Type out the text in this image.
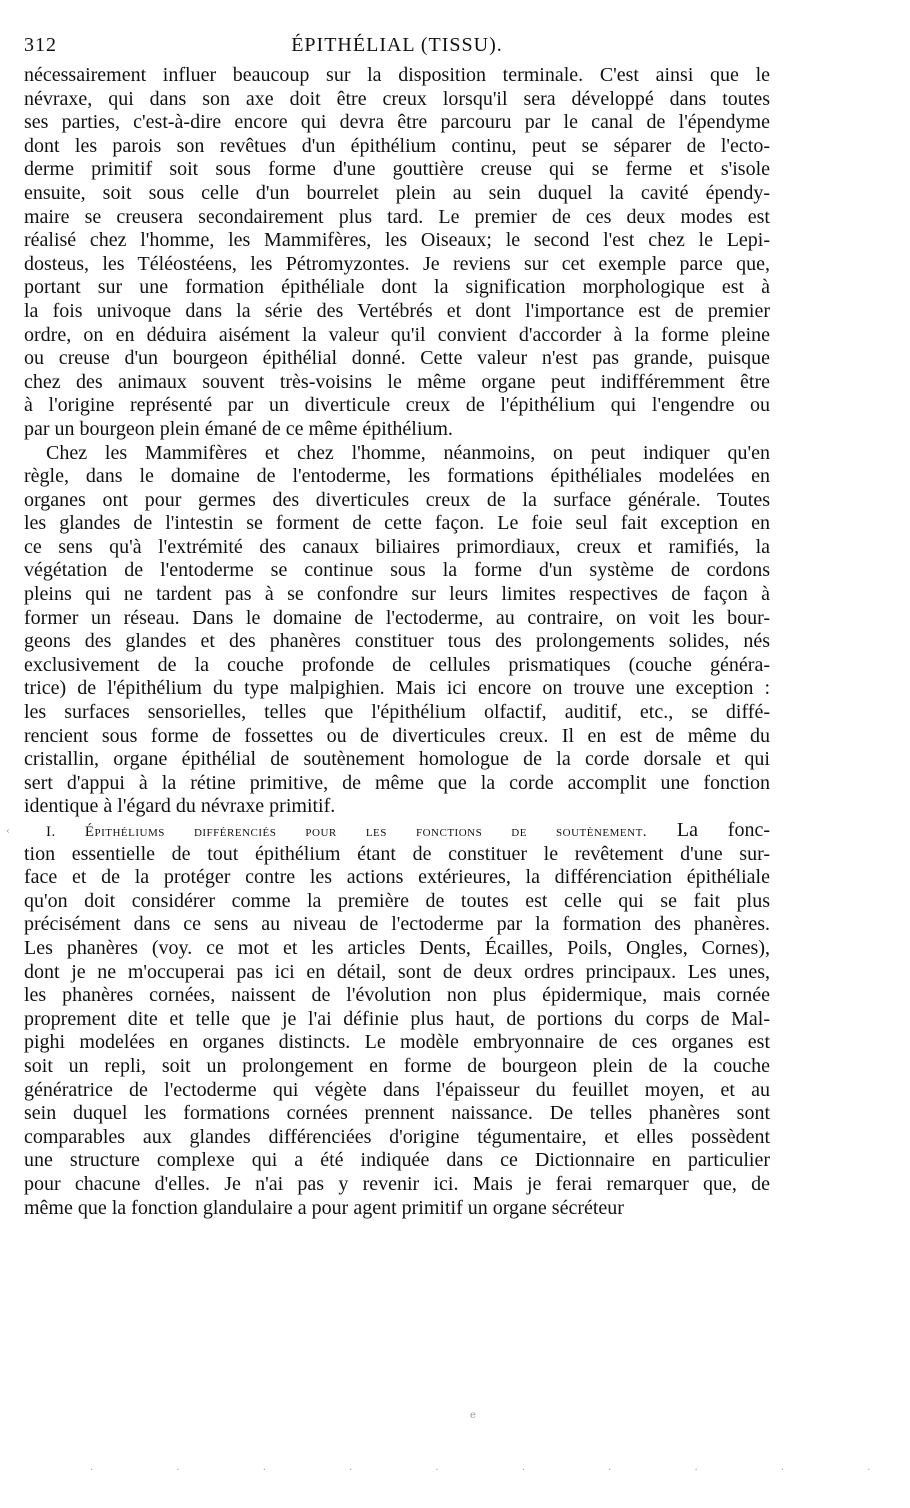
312	ÉPITHÉLIAL (TISSU).
nécessairement influer beaucoup sur la disposition terminale. C'est ainsi que le
névraxe, qui dans son axe doit être creux lorsqu'il sera développé dans toutes
ses parties, c'est-à-dire encore qui devra être parcouru par le canal de l'épendyme
dont les parois son revêtues d'un épithélium continu, peut se séparer de l'ecto-
derme primitif soit sous forme d'une gouttière creuse qui se ferme et s'isole
ensuite, soit sous celle d'un bourrelet plein au sein duquel la cavité épendy-
maire se creusera secondairement plus tard. Le premier de ces deux modes est
réalisé chez l'homme, les Mammifères, les Oiseaux; le second l'est chez le Lepi-
dosteus, les Téléostéens, les Pétromyzontes. Je reviens sur cet exemple parce que,
portant sur une formation épithéliale dont la signification morphologique est à
la fois univoque dans la série des Vertébrés et dont l'importance est de premier
ordre, on en déduira aisément la valeur qu'il convient d'accorder à la forme pleine
ou creuse d'un bourgeon épithélial donné. Cette valeur n'est pas grande, puisque
chez des animaux souvent très-voisins le même organe peut indifféremment être
à l'origine représenté par un diverticule creux de l'épithélium qui l'engendre ou
par un bourgeon plein émané de ce même épithélium.
Chez les Mammifères et chez l'homme, néanmoins, on peut indiquer qu'en
règle, dans le domaine de l'entoderme, les formations épithéliales modelées en
organes ont pour germes des diverticules creux de la surface générale. Toutes
les glandes de l'intestin se forment de cette façon. Le foie seul fait exception en
ce sens qu'à l'extrémité des canaux biliaires primordiaux, creux et ramifiés, la
végétation de l'entoderme se continue sous la forme d'un système de cordons
pleins qui ne tardent pas à se confondre sur leurs limites respectives de façon à
former un réseau. Dans le domaine de l'ectoderme, au contraire, on voit les bour-
geons des glandes et des phanères constituer tous des prolongements solides, nés
exclusivement de la couche profonde de cellules prismatiques (couche généra-
trice) de l'épithélium du type malpighien. Mais ici encore on trouve une exception :
les surfaces sensorielles, telles que l'épithélium olfactif, auditif, etc., se diffé-
rencient sous forme de fossettes ou de diverticules creux. Il en est de même du
cristallin, organe épithélial de soutènement homologue de la corde dorsale et qui
sert d'appui à la rétine primitive, de même que la corde accomplit une fonction
identique à l'égard du névraxe primitif.
I. Épithéliums différenciés pour les fonctions de soutènement. La fonc-
tion essentielle de tout épithélium étant de constituer le revêtement d'une sur-
face et de la protéger contre les actions extérieures, la différenciation épithéliale
qu'on doit considérer comme la première de toutes est celle qui se fait plus
précisément dans ce sens au niveau de l'ectoderme par la formation des phanères.
Les phanères (voy. ce mot et les articles Dents, Écailles, Poils, Ongles, Cornes),
dont je ne m'occuperai pas ici en détail, sont de deux ordres principaux. Les unes,
les phanères cornées, naissent de l'évolution non plus épidermique, mais cornée
proprement dite et telle que je l'ai définie plus haut, de portions du corps de Mal-
pighi modelées en organes distincts. Le modèle embryonnaire de ces organes est
soit un repli, soit un prolongement en forme de bourgeon plein de la couche
génératrice de l'ectoderme qui végète dans l'épaisseur du feuillet moyen, et au
sein duquel les formations cornées prennent naissance. De telles phanères sont
comparables aux glandes différenciées d'origine tégumentaire, et elles possèdent
une structure complexe qui a été indiquée dans ce Dictionnaire en particulier
pour chacune d'elles. Je n'ai pas y revenir ici. Mais je ferai remarquer que, de
même que la fonction glandulaire a pour agent primitif un organe sécréteur
‹
e
. . . . . . . . . .
